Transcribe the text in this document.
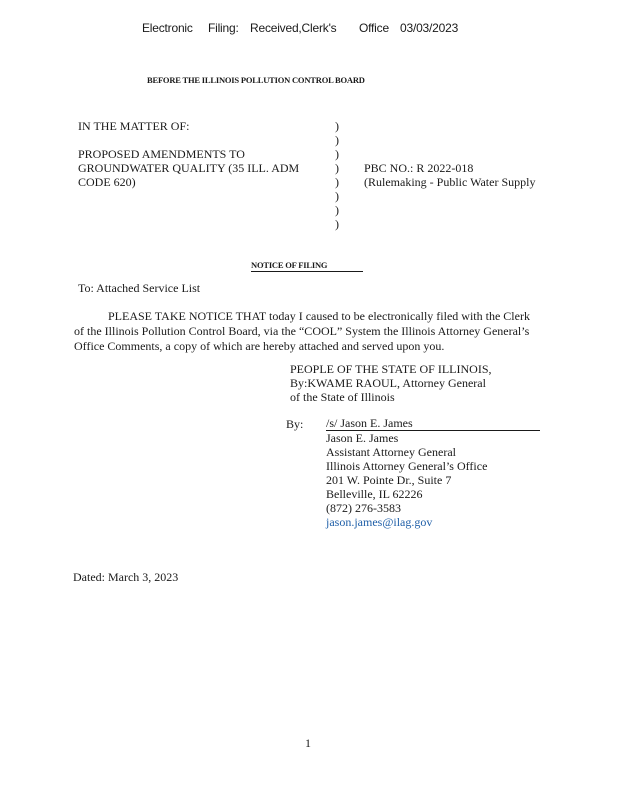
Electronic Filing: Received,Clerk's Office 03/03/2023
BEFORE THE ILLINOIS POLLUTION CONTROL BOARD
IN THE MATTER OF:
PROPOSED AMENDMENTS TO
GROUNDWATER QUALITY (35 ILL. ADM
CODE 620)
)
)
)
)
)
)
)
)
PBC NO.: R 2022-018
(Rulemaking - Public Water Supply
NOTICE OF FILING
To: Attached Service List
PLEASE TAKE NOTICE THAT today I caused to be electronically filed with the Clerk
of the Illinois Pollution Control Board, via the “COOL” System the Illinois Attorney General’s
Office Comments, a copy of which are hereby attached and served upon you.
PEOPLE OF THE STATE OF ILLINOIS,
By:KWAME RAOUL, Attorney General
of the State of Illinois
By: /s/ Jason E. James
Jason E. James
Assistant Attorney General
Illinois Attorney General’s Office
201 W. Pointe Dr., Suite 7
Belleville, IL 62226
(872) 276-3583
jason.james@ilag.gov
Dated: March 3, 2023
1
